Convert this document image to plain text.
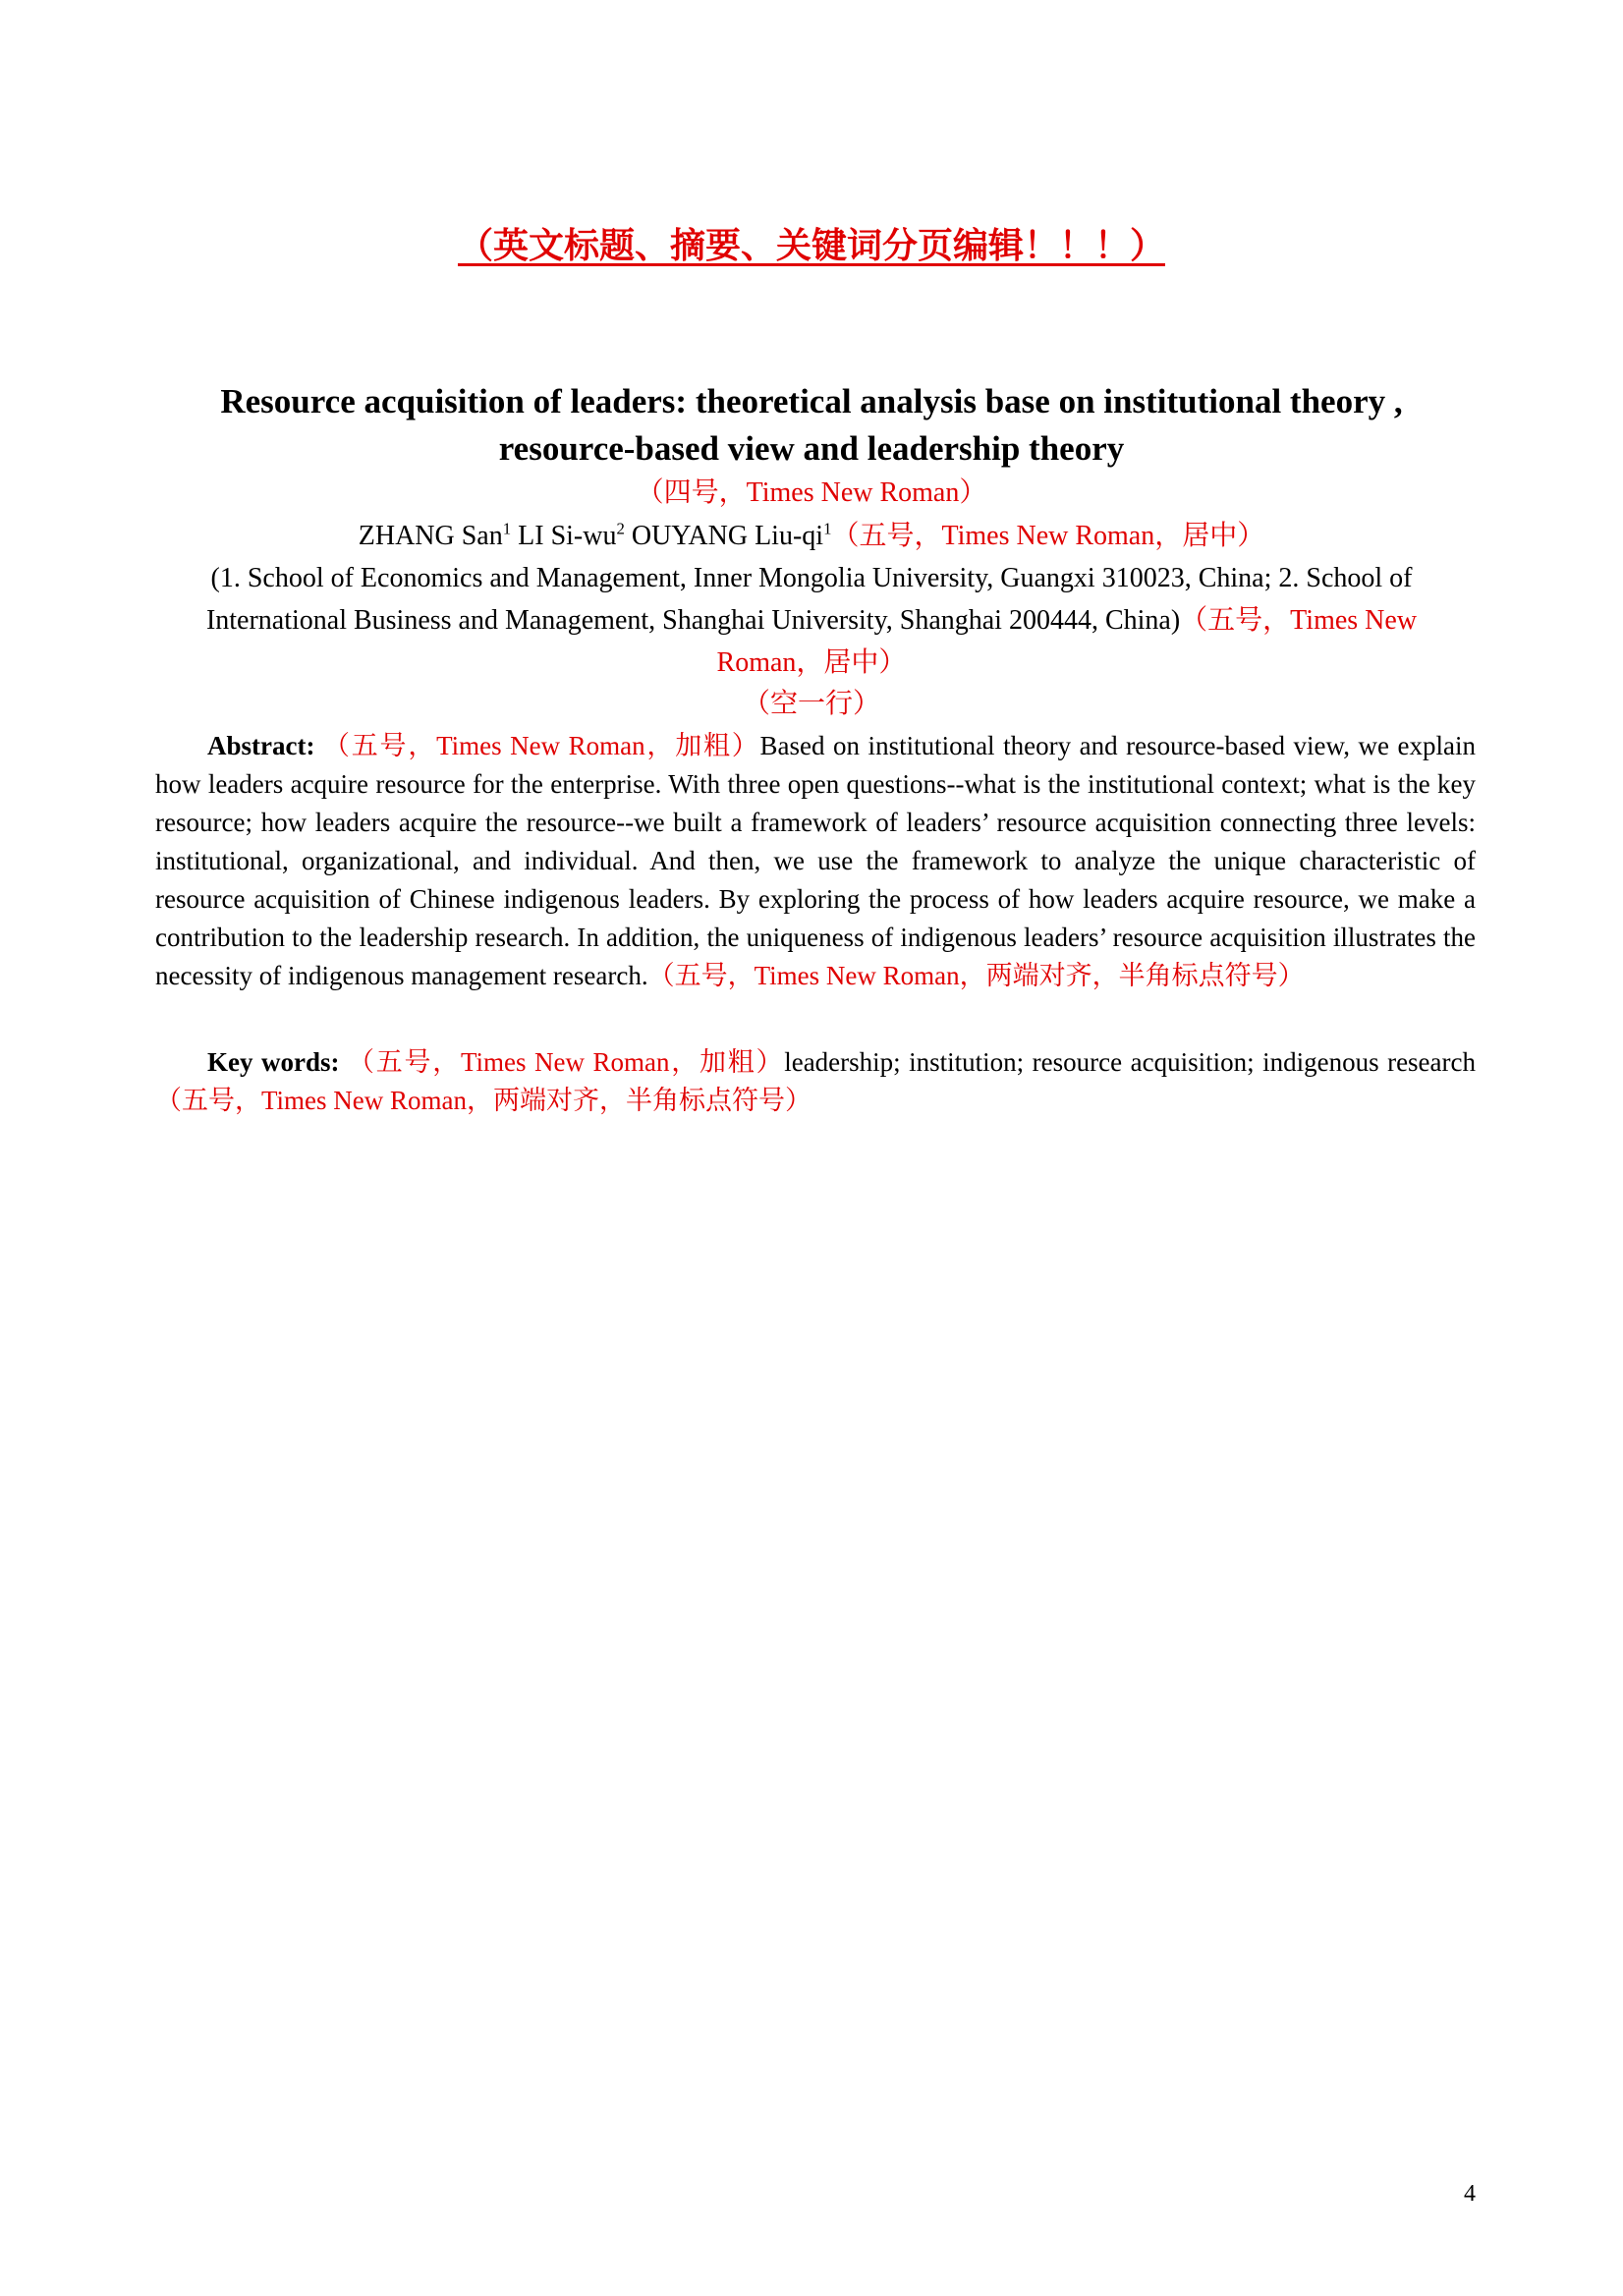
（英文标题、摘要、关键词分页编辑！！！）
Resource acquisition of leaders: theoretical analysis base on institutional theory ,
resource-based view and leadership theory
（四号，Times New Roman）
ZHANG San$^1$ LI $Si-wu^2$ OUYANG Liu-$qi^1$（五号，Times New Roman，居中）
(1. School of Economics and Management, Inner Mongolia University, Guangxi 310023, China; 2. School of International Business and Management, Shanghai University, Shanghai 200444, China)（五号，Times New Roman，居中）
（空一行）
Abstract: （五号，Times New Roman，加粗）Based on institutional theory and resource-based view, we explain how leaders acquire resource for the enterprise. With three open questions--what is the institutional context; what is the key resource; how leaders acquire the resource--we built a framework of leaders’ resource acquisition connecting three levels: institutional, organizational, and individual. And then, we use the framework to analyze the unique characteristic of resource acquisition of Chinese indigenous leaders. By exploring the process of how leaders acquire resource, we make a contribution to the leadership research. In addition, the uniqueness of indigenous leaders’ resource acquisition illustrates the necessity of indigenous management research.（五号，Times New Roman，两端对齐，半角标点符号）
Key words: （五号，Times New Roman，加粗）leadership; institution; resource acquisition; indigenous research（五号，Times New Roman，两端对齐，半角标点符号）
4
